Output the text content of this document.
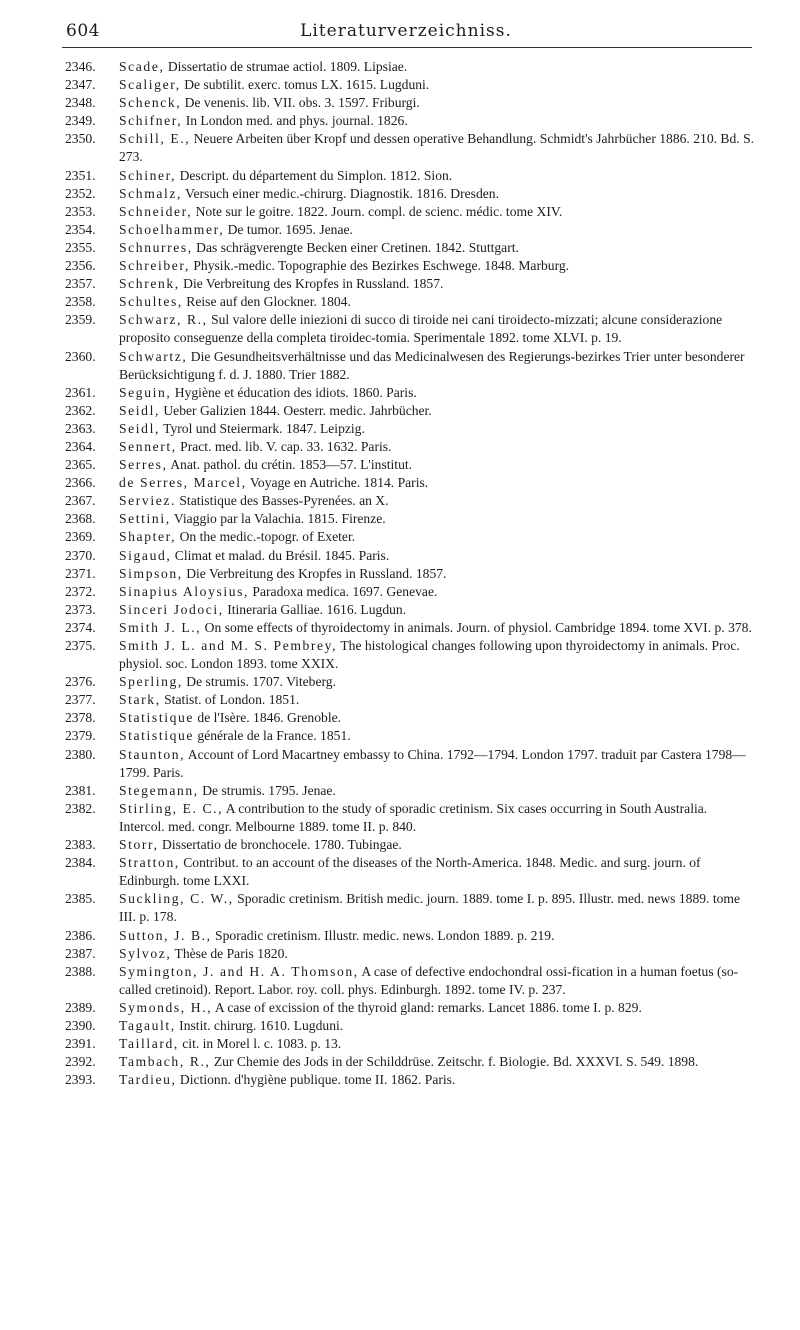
604	Literaturverzeichniss.
2346. Scade, Dissertatio de strumae actiol. 1809. Lipsiae.
2347. Scaliger, De subtilit. exerc. tomus LX. 1615. Lugduni.
2348. Schenck, De venenis. lib. VII. obs. 3. 1597. Friburgi.
2349. Schifner, In London med. and phys. journal. 1826.
2350. Schill, E., Neuere Arbeiten über Kropf und dessen operative Behandlung. Schmidt's Jahrbücher 1886. 210. Bd. S. 273.
2351. Schiner, Descript. du département du Simplon. 1812. Sion.
2352. Schmalz, Versuch einer medic.-chirurg. Diagnostik. 1816. Dresden.
2353. Schneider, Note sur le goitre. 1822. Journ. compl. de scienc. médic. tome XIV.
2354. Schoelhammer, De tumor. 1695. Jenae.
2355. Schnurres, Das schrägverengte Becken einer Cretinen. 1842. Stuttgart.
2356. Schreiber, Physik.-medic. Topographie des Bezirkes Eschwege. 1848. Marburg.
2357. Schrenk, Die Verbreitung des Kropfes in Russland. 1857.
2358. Schultes, Reise auf den Glockner. 1804.
2359. Schwarz, R., Sul valore delle iniezioni di succo di tiroide nei cani tiroidecto-mizzati; alcune considerazione proposito conseguenze della completa tiroidec-tomia. Sperimentale 1892. tome XLVI. p. 19.
2360. Schwartz, Die Gesundheitsverhältnisse und das Medicinalwesen des Regierungs-bezirkes Trier unter besonderer Berücksichtigung f. d. J. 1880. Trier 1882.
2361. Seguin, Hygiène et éducation des idiots. 1860. Paris.
2362. Seidl, Ueber Galizien 1844. Oesterr. medic. Jahrbücher.
2363. Seidl, Tyrol und Steiermark. 1847. Leipzig.
2364. Sennert, Pract. med. lib. V. cap. 33. 1632. Paris.
2365. Serres, Anat. pathol. du crétin. 1853—57. L'institut.
2366. de Serres, Marcel, Voyage en Autriche. 1814. Paris.
2367. Serviez. Statistique des Basses-Pyrenées. an X.
2368. Settini, Viaggio par la Valachia. 1815. Firenze.
2369. Shapter, On the medic.-topogr. of Exeter.
2370. Sigaud, Climat et malad. du Brésil. 1845. Paris.
2371. Simpson, Die Verbreitung des Kropfes in Russland. 1857.
2372. Sinapius Aloysius, Paradoxa medica. 1697. Genevae.
2373. Sinceri Jodoci, Itineraria Galliae. 1616. Lugdun.
2374. Smith J. L., On some effects of thyroidectomy in animals. Journ. of physiol. Cambridge 1894. tome XVI. p. 378.
2375. Smith J. L. and M. S. Pembrey, The histological changes following upon thyroidectomy in animals. Proc. physiol. soc. London 1893. tome XXIX.
2376. Sperling, De strumis. 1707. Viteberg.
2377. Stark, Statist. of London. 1851.
2378. Statistique de l'Isère. 1846. Grenoble.
2379. Statistique générale de la France. 1851.
2380. Staunton, Account of Lord Macartney embassy to China. 1792—1794. London 1797. traduit par Castera 1798—1799. Paris.
2381. Stegemann, De strumis. 1795. Jenae.
2382. Stirling, E. C., A contribution to the study of sporadic cretinism. Six cases occurring in South Australia. Intercol. med. congr. Melbourne 1889. tome II. p. 840.
2383. Storr, Dissertatio de bronchocele. 1780. Tubingae.
2384. Stratton, Contribut. to an account of the diseases of the North-America. 1848. Medic. and surg. journ. of Edinburgh. tome LXXI.
2385. Suckling, C. W., Sporadic cretinism. British medic. journ. 1889. tome I. p. 895. Illustr. med. news 1889. tome III. p. 178.
2386. Sutton, J. B., Sporadic cretinism. Illustr. medic. news. London 1889. p. 219.
2387. Sylvoz, Thèse de Paris 1820.
2388. Symington, J. and H. A. Thomson, A case of defective endochondral ossi-fication in a human foetus (so-called cretinoid). Report. Labor. roy. coll. phys. Edinburgh. 1892. tome IV. p. 237.
2389. Symonds, H., A case of excission of the thyroid gland: remarks. Lancet 1886. tome I. p. 829.
2390. Tagault, Instit. chirurg. 1610. Lugduni.
2391. Taillard, cit. in Morel l. c. 1083. p. 13.
2392. Tambach, R., Zur Chemie des Jods in der Schilddrüse. Zeitschr. f. Biologie. Bd. XXXVI. S. 549. 1898.
2393. Tardieu, Dictionn. d'hygiène publique. tome II. 1862. Paris.
